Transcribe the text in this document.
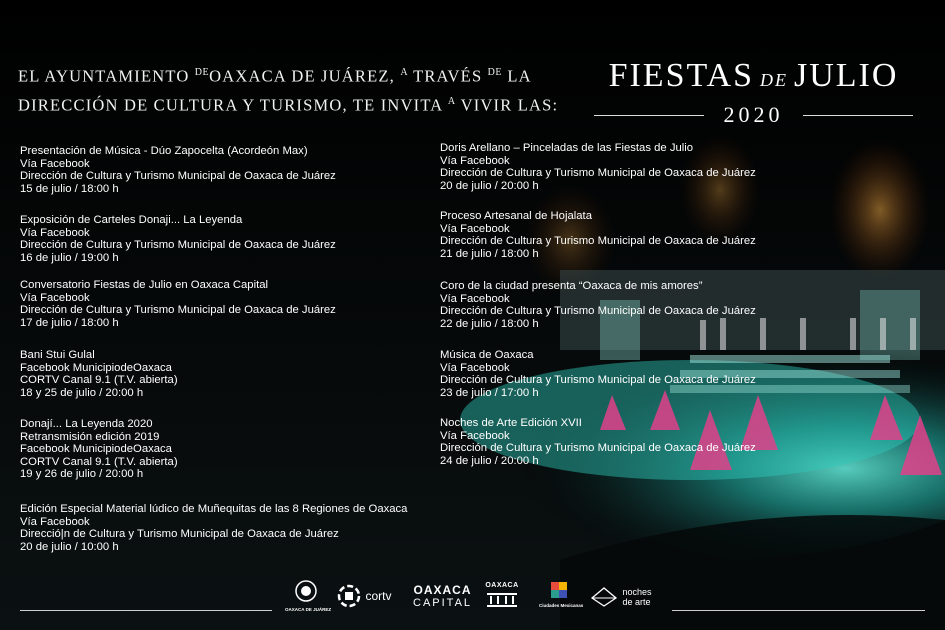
EL AYUNTAMIENTO $^{DE}$OAXACA DE JUÁREZ, $^A$ TRAVÉS $^{DE}$ LA
DIRECCIÓN DE CULTURA Y TURISMO, TE INVITA $^A$ VIVIR LAS:
FIESTAS DE JULIO
2020
Presentación de Música - Dúo Zapocelta (Acordeón Max)
Vía Facebook
Dirección de Cultura y Turismo Municipal de Oaxaca de Juárez
15 de julio / 18:00 h
Exposición de Carteles Donaji... La Leyenda
Vía Facebook
Dirección de Cultura y Turismo Municipal de Oaxaca de Juárez
16 de julio / 19:00 h
Conversatorio Fiestas de Julio en Oaxaca Capital
Vía Facebook
Dirección de Cultura y Turismo Municipal de Oaxaca de Juárez
17 de julio / 18:00 h
Bani Stui Gulal
Facebook MunicipiodeOaxaca
CORTV Canal 9.1 (T.V. abierta)
18 y 25 de julio / 20:00 h
Donají... La Leyenda 2020
Retransmisión edición 2019
Facebook MunicipiodeOaxaca
CORTV Canal 9.1 (T.V. abierta)
19 y 26 de julio / 20:00 h
Edición Especial Material lúdico de Muñequitas de las 8 Regiones de Oaxaca
Vía Facebook
Direcció|n de Cultura y Turismo Municipal de Oaxaca de Juárez
20 de julio / 10:00 h
Doris Arellano – Pinceladas de las Fiestas de Julio
Vía Facebook
Dirección de Cultura y Turismo Municipal de Oaxaca de Juárez
20 de julio / 20:00 h
Proceso Artesanal de Hojalata
Vía Facebook
Dirección de Cultura y Turismo Municipal de Oaxaca de Juárez
21 de julio / 18:00 h
Coro de la ciudad presenta “Oaxaca de mis amores”
Vía Facebook
Dirección de Cultura y Turismo Municipal de Oaxaca de Juárez
22 de julio / 18:00 h
Música de Oaxaca
Vía Facebook
Dirección de Cultura y Turismo Municipal de Oaxaca de Juárez
23 de julio / 17:00 h
Noches de Arte Edición XVII
Vía Facebook
Dirección de Cultura y Turismo Municipal de Oaxaca de Juárez
24 de julio / 20:00 h
OAXACA DE JUÁREZ
cortv OAXACA
CAPITAL
OAXACA
Ciudades Mexicanas

noches
de arte
